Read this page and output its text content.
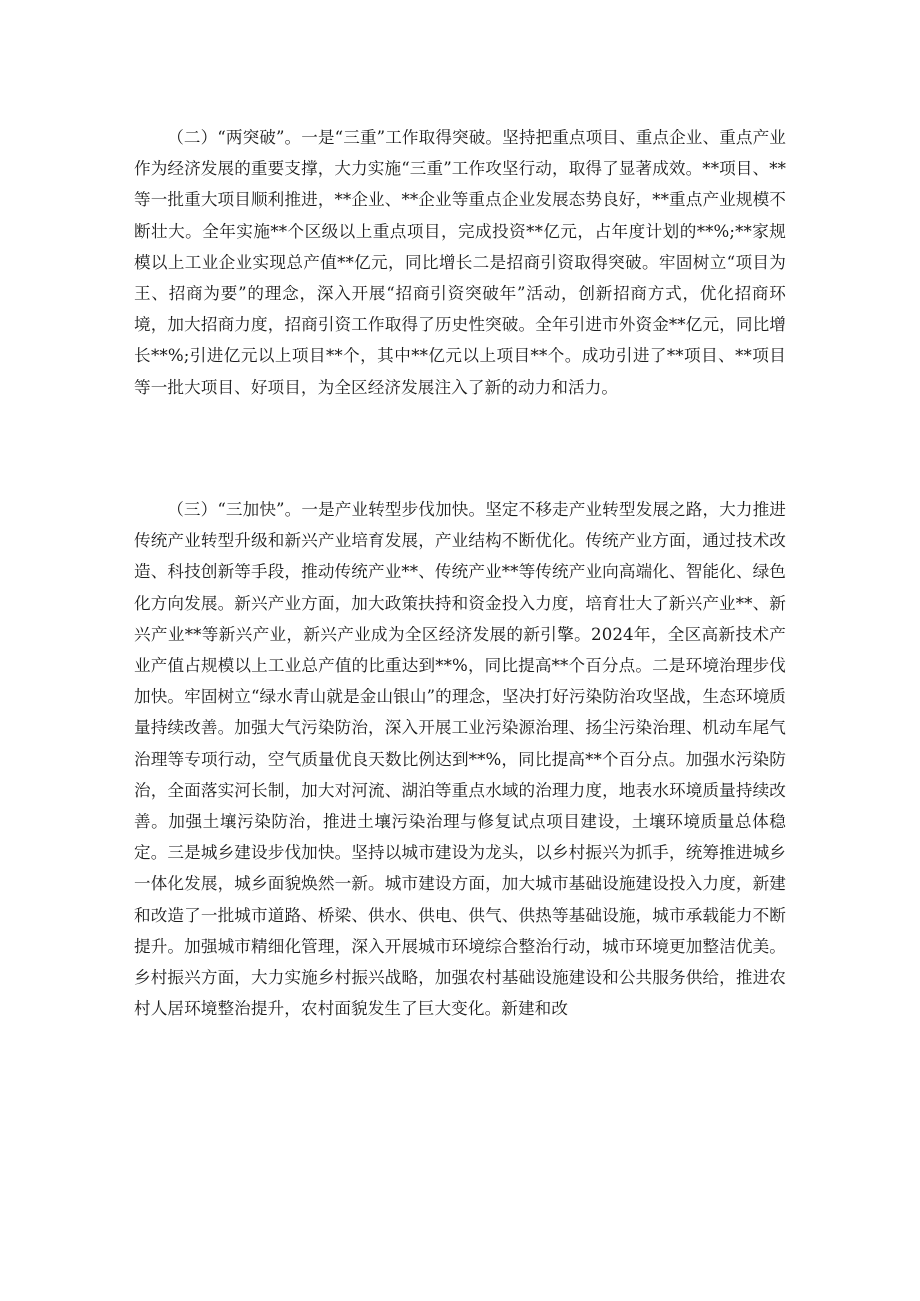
（二）“两突破”。一是“三重”工作取得突破。坚持把重点项目、重点企业、重点产业作为经济发展的重要支撑，大力实施“三重”工作攻坚行动，取得了显著成效。**项目、**等一批重大项目顺利推进，**企业、**企业等重点企业发展态势良好，**重点产业规模不断壮大。全年实施**个区级以上重点项目，完成投资**亿元，占年度计划的**%;**家规模以上工业企业实现总产值**亿元，同比增长二是招商引资取得突破。牢固树立“项目为王、招商为要”的理念，深入开展“招商引资突破年”活动，创新招商方式，优化招商环境，加大招商力度，招商引资工作取得了历史性突破。全年引进市外资金**亿元，同比增长**%;引进亿元以上项目**个，其中**亿元以上项目**个。成功引进了**项目、**项目等一批大项目、好项目，为全区经济发展注入了新的动力和活力。

（三）“三加快”。一是产业转型步伐加快。坚定不移走产业转型发展之路，大力推进传统产业转型升级和新兴产业培育发展，产业结构不断优化。传统产业方面，通过技术改造、科技创新等手段，推动传统产业**、传统产业**等传统产业向高端化、智能化、绿色化方向发展。新兴产业方面，加大政策扶持和资金投入力度，培育壮大了新兴产业**、新兴产业**等新兴产业，新兴产业成为全区经济发展的新引擎。2024年，全区高新技术产业产值占规模以上工业总产值的比重达到**%，同比提高**个百分点。二是环境治理步伐加快。牢固树立“绿水青山就是金山银山”的理念，坚决打好污染防治攻坚战，生态环境质量持续改善。加强大气污染防治，深入开展工业污染源治理、扬尘污染治理、机动车尾气治理等专项行动，空气质量优良天数比例达到**%，同比提高**个百分点。加强水污染防治，全面落实河长制，加大对河流、湖泊等重点水域的治理力度，地表水环境质量持续改善。加强土壤污染防治，推进土壤污染治理与修复试点项目建设，土壤环境质量总体稳定。三是城乡建设步伐加快。坚持以城市建设为龙头，以乡村振兴为抓手，统筹推进城乡一体化发展，城乡面貌焕然一新。城市建设方面，加大城市基础设施建设投入力度，新建和改造了一批城市道路、桥梁、供水、供电、供气、供热等基础设施，城市承载能力不断提升。加强城市精细化管理，深入开展城市环境综合整治行动，城市环境更加整洁优美。乡村振兴方面，大力实施乡村振兴战略，加强农村基础设施建设和公共服务供给，推进农村人居环境整治提升，农村面貌发生了巨大变化。新建和改
